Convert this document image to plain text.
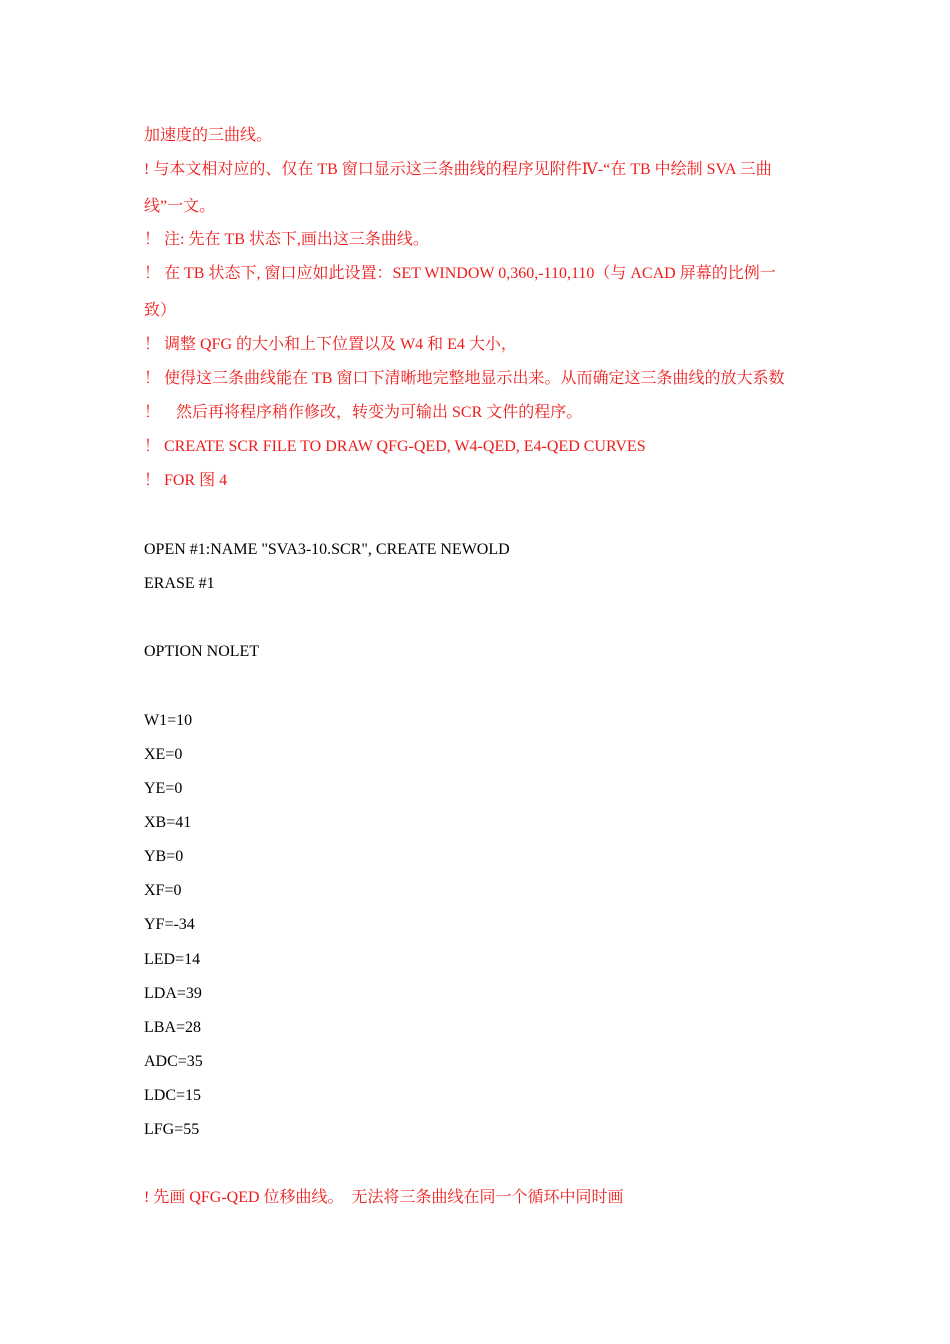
加速度的三曲线。
! 与本文相对应的、仅在 TB 窗口显示这三条曲线的程序见附件Ⅳ-“在 TB 中绘制 SVA 三曲
线”一文。
！ 注: 先在 TB 状态下,画出这三条曲线。
！ 在 TB 状态下, 窗口应如此设置：SET WINDOW 0,360,-110,110（与 ACAD 屏幕的比例一
致）
！ 调整 QFG 的大小和上下位置以及 W4 和 E4 大小，
！ 使得这三条曲线能在 TB 窗口下清晰地完整地显示出来。从而确定这三条曲线的放大系数
！　然后再将程序稍作修改，转变为可输出 SCR 文件的程序。
！ CREATE SCR FILE TO DRAW QFG-QED, W4-QED, E4-QED CURVES
！ FOR 图 4
OPEN #1:NAME "SVA3-10.SCR", CREATE NEWOLD
ERASE #1
OPTION NOLET
W1=10
XE=0
YE=0
XB=41
YB=0
XF=0
YF=-34
LED=14
LDA=39
LBA=28
ADC=35
LDC=15
LFG=55
! 先画 QFG-QED 位移曲线。　无法将三条曲线在同一个循环中同时画
